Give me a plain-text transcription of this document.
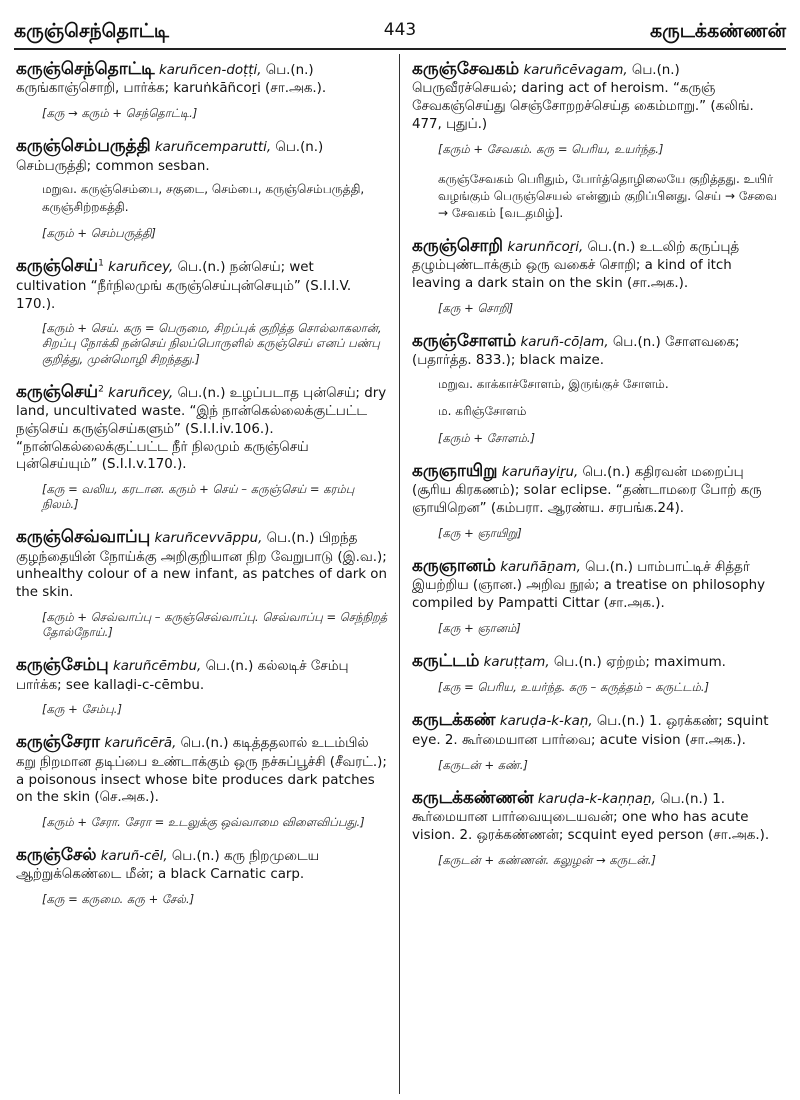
கருஞ்செந்தொட்டி	443	கருடக்கண்ணன்
கருஞ்செந்தொட்டி karuñcen-doṭṭi, பெ.(n.) கருங்காஞ்சொறி, பார்க்க; karuṅkāñcoṟi (சா.அக.).
[கரு → கரும் + செந்தொட்டி.]
கருஞ்செம்பருத்தி karuñcemparutti, பெ.(n.) செம்பருத்தி; common sesban.
மறுவ. கருஞ்செம்பை, சகுடை, செம்பை, கருஞ்செம்பருத்தி, கருஞ்சிற்றகத்தி.
[கரும் + செம்பருத்தி]
கருஞ்செய்$^1$ karuñcey, பெ.(n.) நன்செய்; wet cultivation “நீர்நிலமுங் கருஞ்செய்புன்செயும்” (S.I.I.V. 170.).
[கரும் + செய். கரு = பெருமை, சிறப்புக் குறித்த சொல்லாகலான், சிறப்பு நோக்கி நன்செய் நிலப்பொருளில் கருஞ்செய் எனப் பண்பு குறித்து, முன்மொழி சிறந்தது.]
கருஞ்செய்$^2$ karuñcey, பெ.(n.) உழப்படாத புன்செய்; dry land, uncultivated waste. “இந் நான்கெல்லைக்குட்பட்ட நஞ்செய் கருஞ்செய்களும்” (S.I.I.iv.106.). “நான்கெல்லைக்குட்பட்ட நீர் நிலமும் கருஞ்செய் புன்செய்யும்” (S.I.I.v.170.).
[கரு = வலிய, கரடான. கரும் + செய் – கருஞ்செய் = கரம்பு நிலம்.]
கருஞ்செவ்வாப்பு karuñcevvāppu, பெ.(n.) பிறந்த குழந்தையின் நோய்க்கு அறிகுறியான நிற வேறுபாடு (இ.வ.); unhealthy colour of a new infant, as patches of dark on the skin.
[கரும் + செவ்வாப்பு – கருஞ்செவ்வாப்பு. செவ்வாப்பு = செந்நிறத் தோல்நோய்.]
கருஞ்சேம்பு karuñcēmbu, பெ.(n.) கல்லடிச் சேம்பு பார்க்க; see kallaḍi-c-cēmbu.
[கரு + சேம்பு.]
கருஞ்சேரா karuñcērā, பெ.(n.) கடித்ததலால் உடம்பில் கறு நிறமான தடிப்பை உண்டாக்கும் ஒரு நச்சுப்பூச்சி (சீவரட்.); a poisonous insect whose bite produces dark patches on the skin (செ.அக.).
[கரும் + சேரா. சேரா = உடலுக்கு ஒவ்வாமை விளைவிப்பது.]
கருஞ்சேல் karuñ-cēl, பெ.(n.) கரு நிறமுடைய ஆற்றுக்கெண்டை மீன்; a black Carnatic carp.
[கரு = கருமை. கரு + சேல்.]
கருஞ்சேவகம் karuñcēvagam, பெ.(n.) பெருவீரச்செயல்; daring act of heroism. “கருஞ் சேவகஞ்செய்து செஞ்சோறறச்செய்த கைம்மாறு.” (கலிங். 477, புதுப்.)
[கரும் + சேவகம். கரு = பெரிய, உயர்ந்த.]
கருஞ்சேவகம் பெரிதும், போர்த்தொழிலையே குறித்தது. உயிர் வழங்கும் பெருஞ்செயல் என்னும் குறிப்பினது. செய் → சேவை → சேவகம் [வடதமிழ்].
கருஞ்சொறி karunñcoṟi, பெ.(n.) உடலிற் கருப்புத் தழும்புண்டாக்கும் ஒரு வகைச் சொறி; a kind of itch leaving a dark stain on the skin (சா.அக.).
[கரு + சொறி]
கருஞ்சோளம் karuñ-cōḷam, பெ.(n.) சோளவகை; (பதார்த்த. 833.); black maize.
மறுவ. காக்காச்சோளம், இருங்குச் சோளம்.
ம. கரிஞ்சோளம்
[கரும் + சோளம்.]
கருஞாயிறு karuñayiṟu, பெ.(n.) கதிரவன் மறைப்பு (சூரிய கிரகணம்); solar eclipse. “தண்டாமரை போற் கரு ஞாயிறென” (கம்பரா. ஆரண்ய. சரபங்க.24).
[கரு + ஞாயிறு]
கருஞானம் karuñāṉam, பெ.(n.) பாம்பாட்டிச் சித்தர் இயற்றிய (ஞான.) அறிவ நூல்; a treatise on philosophy compiled by Pampatti Cittar (சா.அக.).
[கரு + ஞானம்]
கருட்டம் karuṭṭam, பெ.(n.) ஏற்றம்; maximum.
[கரு = பெரிய, உயர்ந்த. கரு – கருத்தம் – கருட்டம்.]
கருடக்கண் karuḍa-k-kaṇ, பெ.(n.) 1. ஒரக்கண்; squint eye. 2. கூர்மையான பார்வை; acute vision (சா.அக.).
[கருடன் + கண்.]
கருடக்கண்ணன் karuḍa-k-kaṇṇaṉ, பெ.(n.) 1. கூர்மையான பார்வையுடையவன்; one who has acute vision. 2. ஒரக்கண்ணன்; scquint eyed person (சா.அக.).
[கருடன் + கண்ணன். கலுழன் → கருடன்.]
